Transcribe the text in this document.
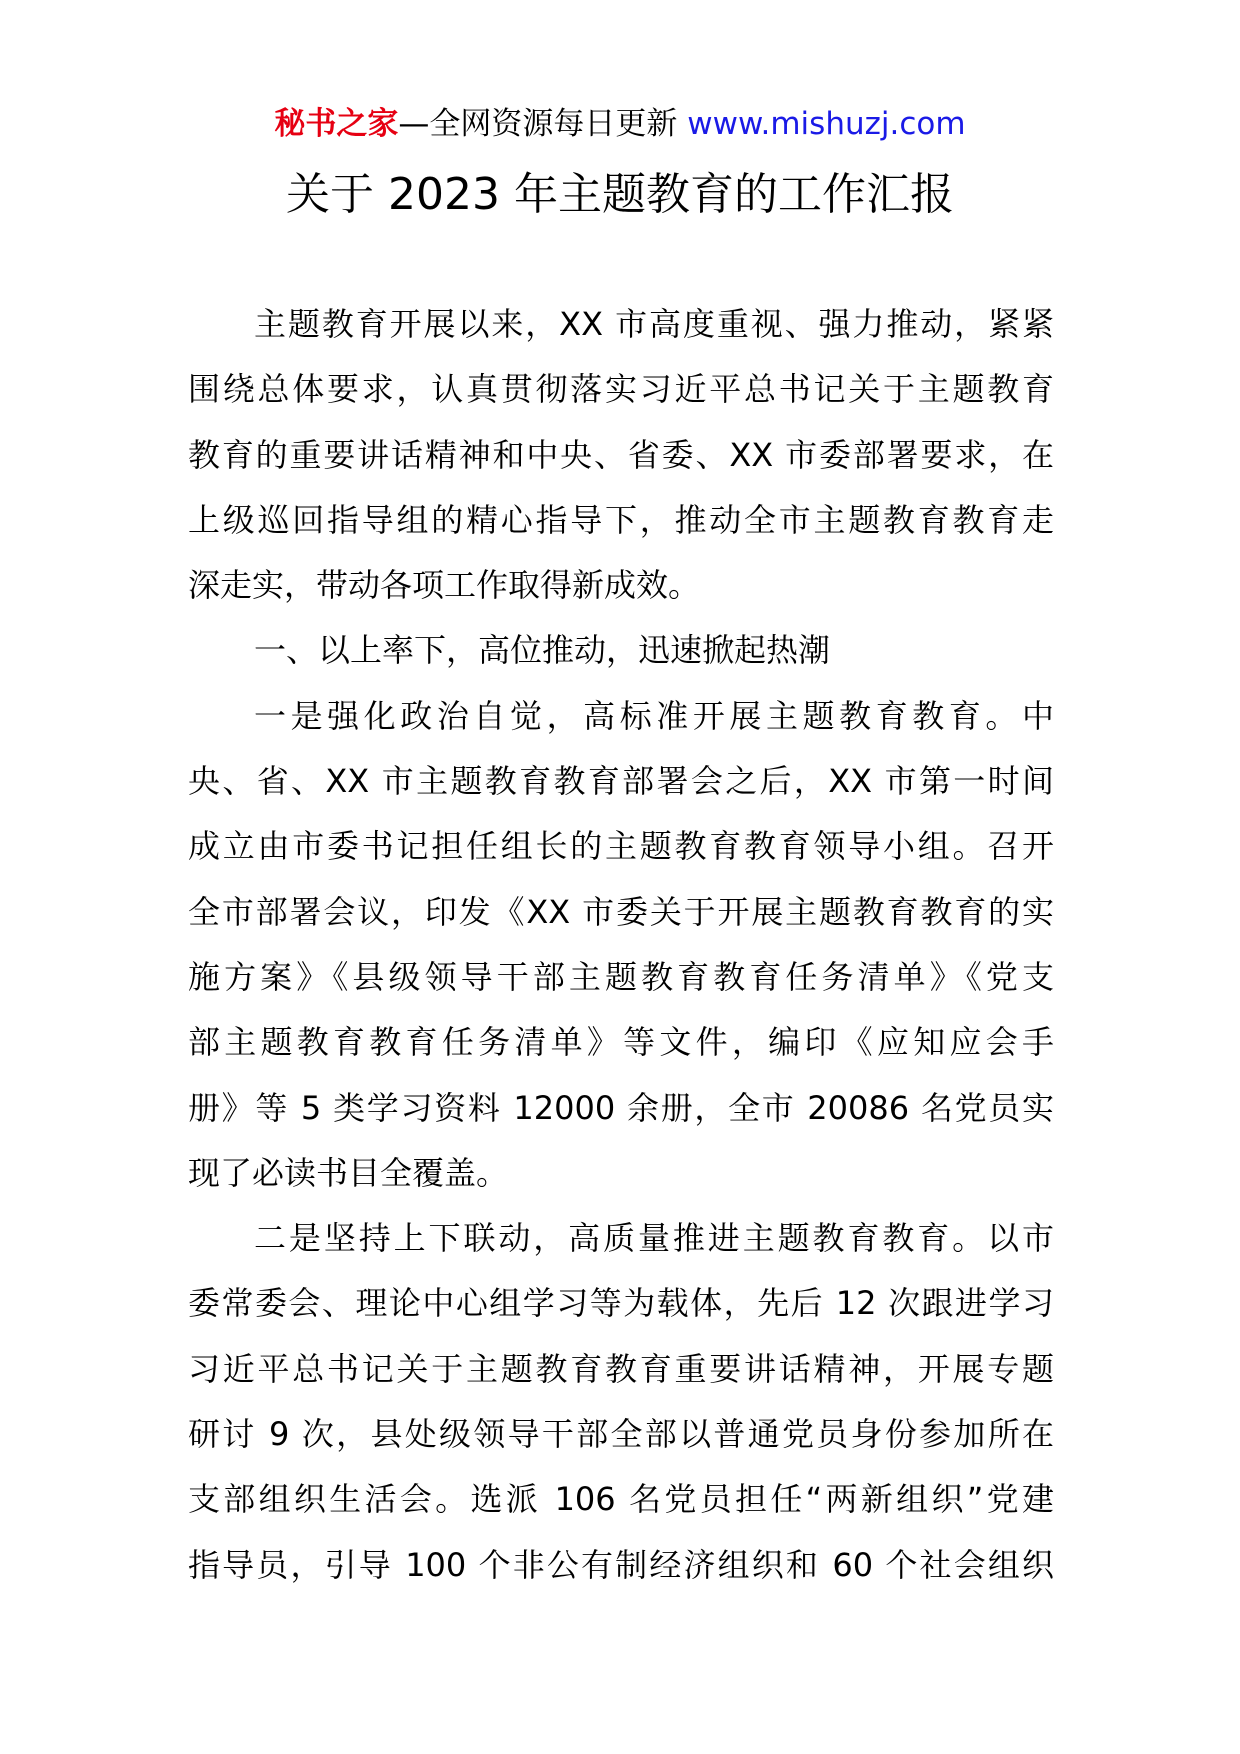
秘书之家—全网资源每日更新 www.mishuzj.com
关于 2023 年主题教育的工作汇报
主题教育开展以来，XX 市高度重视、强力推动，紧紧
围绕总体要求，认真贯彻落实习近平总书记关于主题教育
教育的重要讲话精神和中央、省委、XX 市委部署要求，在
上级巡回指导组的精心指导下，推动全市主题教育教育走
深走实，带动各项工作取得新成效。
一、以上率下，高位推动，迅速掀起热潮
一是强化政治自觉，高标准开展主题教育教育。中
央、省、XX 市主题教育教育部署会之后，XX 市第一时间
成立由市委书记担任组长的主题教育教育领导小组。召开
全市部署会议，印发《XX 市委关于开展主题教育教育的实
施方案》《县级领导干部主题教育教育任务清单》《党支
部主题教育教育任务清单》等文件，编印《应知应会手
册》等 5 类学习资料 12000 余册，全市 20086 名党员实
现了必读书目全覆盖。
二是坚持上下联动，高质量推进主题教育教育。以市
委常委会、理论中心组学习等为载体，先后 12 次跟进学习
习近平总书记关于主题教育教育重要讲话精神，开展专题
研讨 9 次，县处级领导干部全部以普通党员身份参加所在
支部组织生活会。选派 106 名党员担任“两新组织”党建
指导员，引导 100 个非公有制经济组织和 60 个社会组织
